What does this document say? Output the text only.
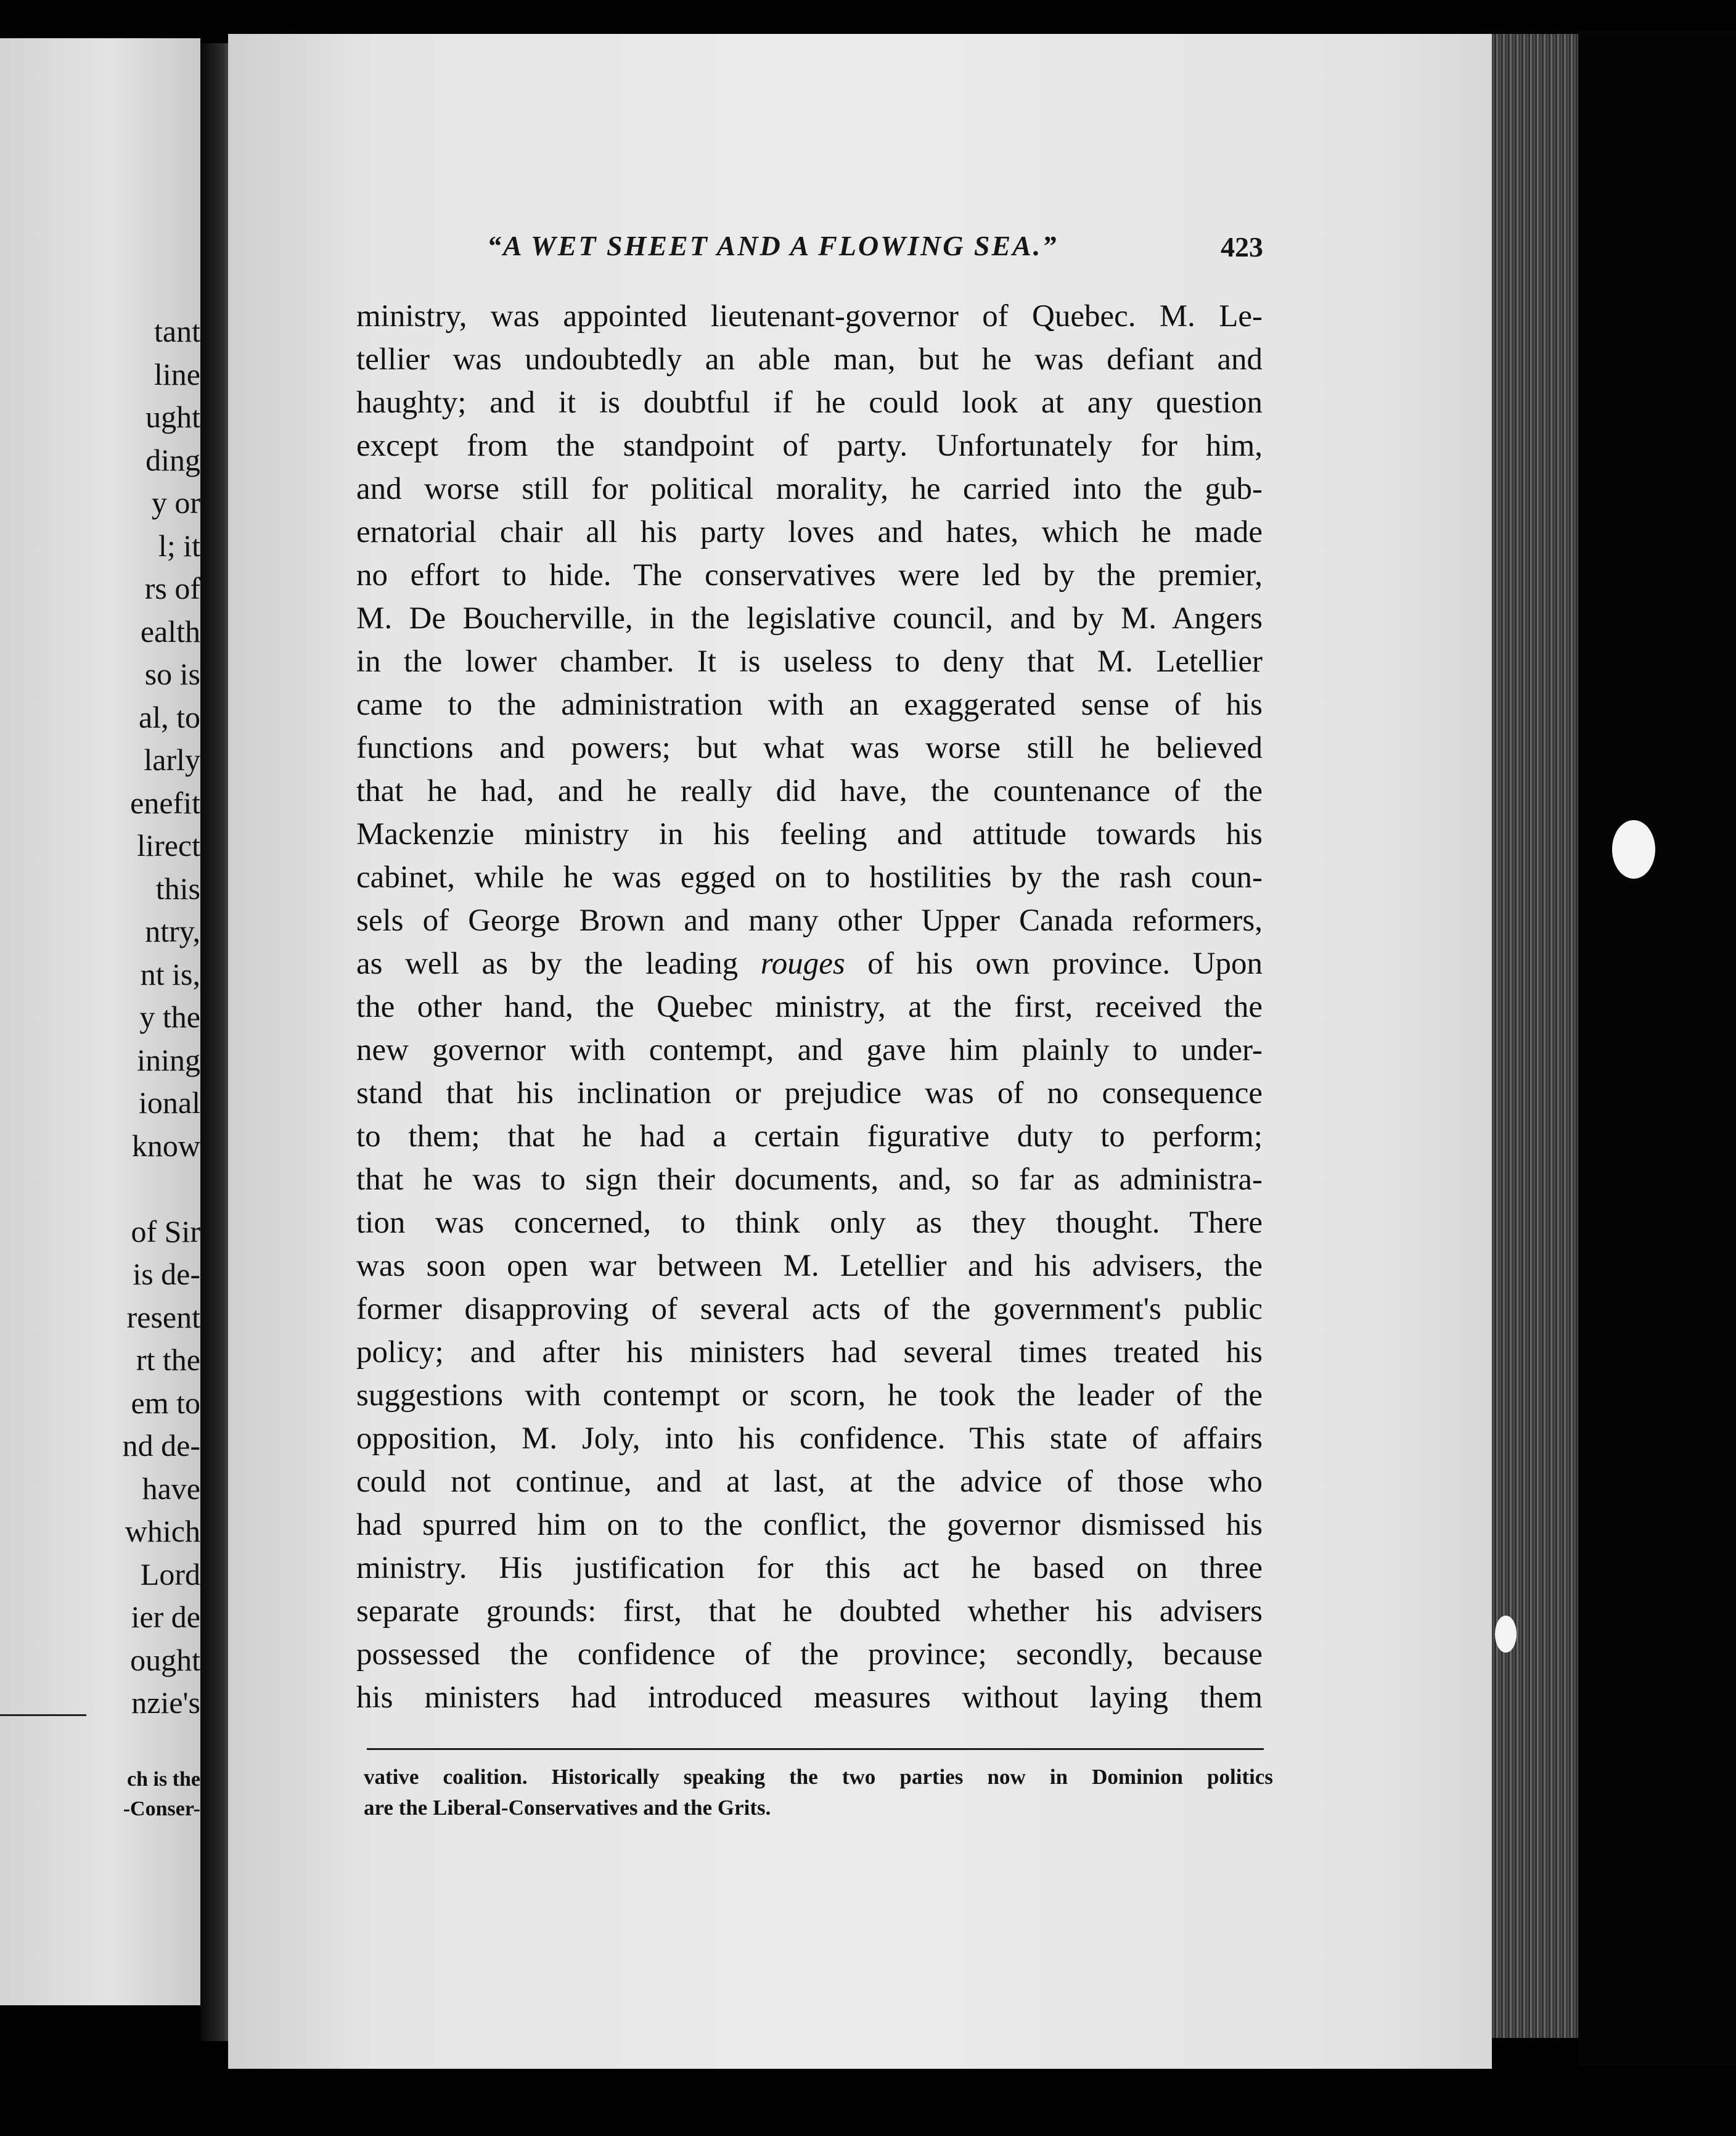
tant
line
ught
ding
y or
l; it
rs of
ealth
so is
al, to
larly
enefit
lirect
this
ntry,
nt is,
y the
ining
ional
know
of Sir
is de-
resent
rt the
em to
nd de-
have
which
Lord
ier de
ought
nzie's
ch is the
-Conser-
“A WET SHEET AND A FLOWING SEA.”	423
ministry, was appointed lieutenant-governor of Quebec. M. Le-
tellier was undoubtedly an able man, but he was defiant and
haughty; and it is doubtful if he could look at any question
except from the standpoint of party. Unfortunately for him,
and worse still for political morality, he carried into the gub-
ernatorial chair all his party loves and hates, which he made
no effort to hide. The conservatives were led by the premier,
M. De Boucherville, in the legislative council, and by M. Angers
in the lower chamber. It is useless to deny that M. Letellier
came to the administration with an exaggerated sense of his
functions and powers; but what was worse still he believed
that he had, and he really did have, the countenance of the
Mackenzie ministry in his feeling and attitude towards his
cabinet, while he was egged on to hostilities by the rash coun-
sels of George Brown and many other Upper Canada reformers,
as well as by the leading rouges of his own province. Upon
the other hand, the Quebec ministry, at the first, received the
new governor with contempt, and gave him plainly to under-
stand that his inclination or prejudice was of no consequence
to them; that he had a certain figurative duty to perform;
that he was to sign their documents, and, so far as administra-
tion was concerned, to think only as they thought. There
was soon open war between M. Letellier and his advisers, the
former disapproving of several acts of the government's public
policy; and after his ministers had several times treated his
suggestions with contempt or scorn, he took the leader of the
opposition, M. Joly, into his confidence. This state of affairs
could not continue, and at last, at the advice of those who
had spurred him on to the conflict, the governor dismissed his
ministry. His justification for this act he based on three
separate grounds: first, that he doubted whether his advisers
possessed the confidence of the province; secondly, because
his ministers had introduced measures without laying them
vative coalition. Historically speaking the two parties now in Dominion politics
are the Liberal-Conservatives and the Grits.
